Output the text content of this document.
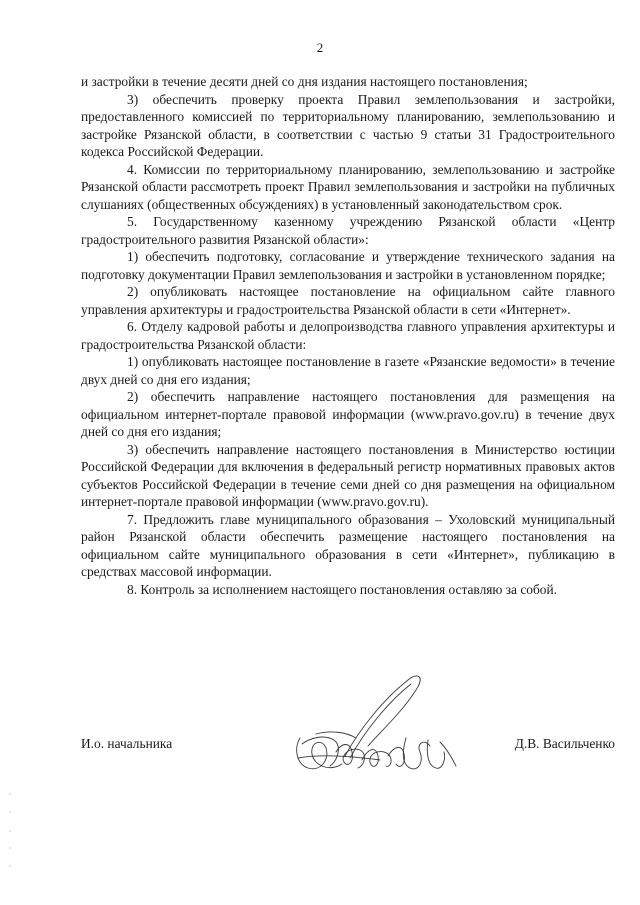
2

и застройки в течение десяти дней со дня издания настоящего постановления;

3) обеспечить проверку проекта Правил землепользования и застройки, предоставленного комиссией по территориальному планированию, землепользованию и застройке Рязанской области, в соответствии с частью 9 статьи 31 Градостроительного кодекса Российской Федерации.

4. Комиссии по территориальному планированию, землепользованию и застройке Рязанской области рассмотреть проект Правил землепользования и застройки на публичных слушаниях (общественных обсуждениях) в установленный законодательством срок.

5. Государственному казенному учреждению Рязанской области «Центр градостроительного развития Рязанской области»:

1) обеспечить подготовку, согласование и утверждение технического задания на подготовку документации Правил землепользования и застройки в установленном порядке;

2) опубликовать настоящее постановление на официальном сайте главного управления архитектуры и градостроительства Рязанской области в сети «Интернет».

6. Отделу кадровой работы и делопроизводства главного управления архитектуры и градостроительства Рязанской области:

1) опубликовать настоящее постановление в газете «Рязанские ведомости» в течение двух дней со дня его издания;

2) обеспечить направление настоящего постановления для размещения на официальном интернет-портале правовой информации (www.pravo.gov.ru) в течение двух дней со дня его издания;

3) обеспечить направление настоящего постановления в Министерство юстиции Российской Федерации для включения в федеральный регистр нормативных правовых актов субъектов Российской Федерации в течение семи дней со дня размещения на официальном интернет-портале правовой информации (www.pravo.gov.ru).

7. Предложить главе муниципального образования – Ухоловский муниципальный район Рязанской области обеспечить размещение настоящего постановления на официальном сайте муниципального образования в сети «Интернет», публикацию в средствах массовой информации.

8. Контроль за исполнением настоящего постановления оставляю за собой.

И.о. начальника	Д.В. Васильченко
